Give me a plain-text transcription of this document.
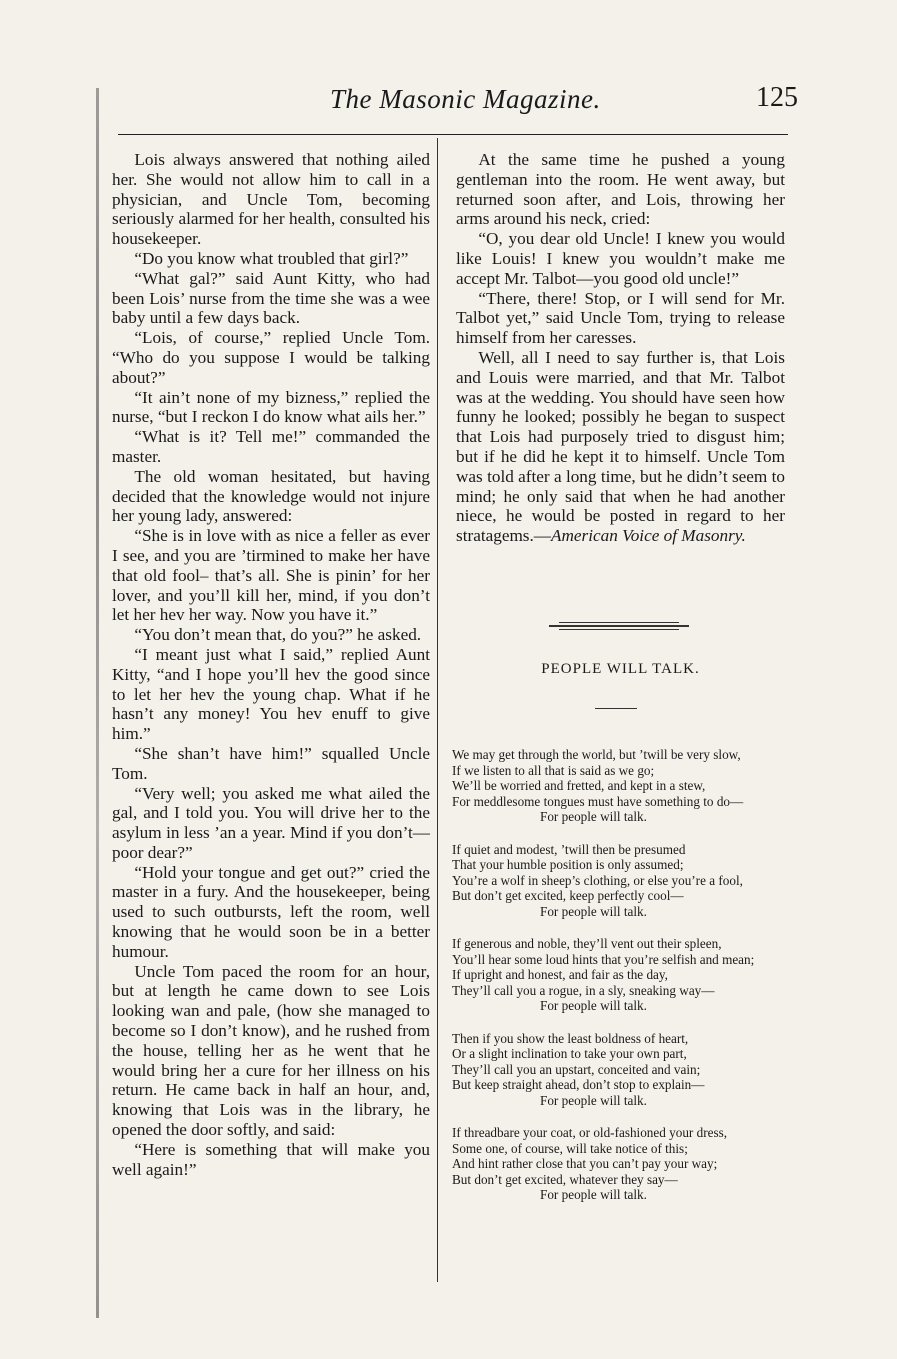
The Masonic Magazine.	125

Lois always answered that nothing ailed her. She would not allow him to call in a physician, and Uncle Tom, becoming seriously alarmed for her health, consulted his housekeeper.

“Do you know what troubled that girl?”

“What gal?” said Aunt Kitty, who had been Lois’ nurse from the time she was a wee baby until a few days back.

“Lois, of course,” replied Uncle Tom. “Who do you suppose I would be talking about?”

“It ain’t none of my bizness,” replied the nurse, “but I reckon I do know what ails her.”

“What is it? Tell me!” commanded the master.

The old woman hesitated, but having decided that the knowledge would not injure her young lady, answered:

“She is in love with as nice a feller as ever I see, and you are ’tirmined to make her have that old fool– that’s all. She is pinin’ for her lover, and you’ll kill her, mind, if you don’t let her hev her way. Now you have it.”

“You don’t mean that, do you?” he asked.

“I meant just what I said,” replied Aunt Kitty, “and I hope you’ll hev the good since to let her hev the young chap. What if he hasn’t any money! You hev enuff to give him.”

“She shan’t have him!” squalled Uncle Tom.

“Very well; you asked me what ailed the gal, and I told you. You will drive her to the asylum in less ’an a year. Mind if you don’t—poor dear?”

“Hold your tongue and get out?” cried the master in a fury. And the housekeeper, being used to such outbursts, left the room, well knowing that he would soon be in a better humour.

Uncle Tom paced the room for an hour, but at length he came down to see Lois looking wan and pale, (how she managed to become so I don’t know), and he rushed from the house, telling her as he went that he would bring her a cure for her illness on his return. He came back in half an hour, and, knowing that Lois was in the library, he opened the door softly, and said:

“Here is something that will make you well again!”

At the same time he pushed a young gentleman into the room. He went away, but returned soon after, and Lois, throwing her arms around his neck, cried:

“O, you dear old Uncle! I knew you would like Louis! I knew you wouldn’t make me accept Mr. Talbot—you good old uncle!”

“There, there! Stop, or I will send for Mr. Talbot yet,” said Uncle Tom, trying to release himself from her caresses.

Well, all I need to say further is, that Lois and Louis were married, and that Mr. Talbot was at the wedding. You should have seen how funny he looked; possibly he began to suspect that Lois had purposely tried to disgust him; but if he did he kept it to himself. Uncle Tom was told after a long time, but he didn’t seem to mind; he only said that when he had another niece, he would be posted in regard to her stratagems.—American Voice of Masonry.

PEOPLE WILL TALK.
We may get through the world, but ’twill be very slow,
If we listen to all that is said as we go;
We’ll be worried and fretted, and kept in a stew,
For meddlesome tongues must have something to do—
For people will talk.
If quiet and modest, ’twill then be presumed
That your humble position is only assumed;
You’re a wolf in sheep’s clothing, or else you’re a fool,
But don’t get excited, keep perfectly cool—
For people will talk.
If generous and noble, they’ll vent out their spleen,
You’ll hear some loud hints that you’re selfish and mean;
If upright and honest, and fair as the day,
They’ll call you a rogue, in a sly, sneaking way—
For people will talk.
Then if you show the least boldness of heart,
Or a slight inclination to take your own part,
They’ll call you an upstart, conceited and vain;
But keep straight ahead, don’t stop to explain—
For people will talk.
If threadbare your coat, or old-fashioned your dress,
Some one, of course, will take notice of this;
And hint rather close that you can’t pay your way;
But don’t get excited, whatever they say—
For people will talk.
